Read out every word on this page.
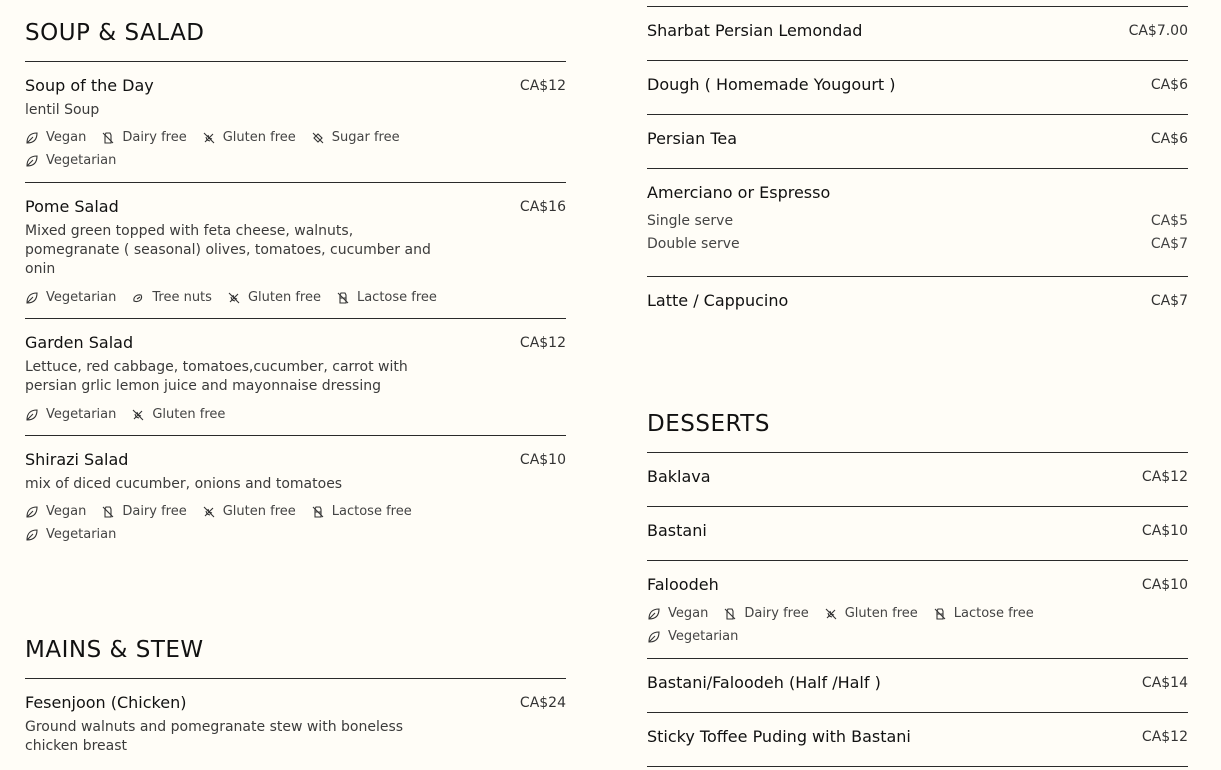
SOUP & SALAD
Soup of the Day	CA$12
lentil Soup
Vegan	Dairy free	Gluten free	Sugar free
Vegetarian
Pome Salad	CA$16
Mixed green topped with feta cheese, walnuts, pomegranate ( seasonal) olives, tomatoes, cucumber and onin
Vegetarian	Tree nuts	Gluten free	Lactose free
Garden Salad	CA$12
Lettuce, red cabbage, tomatoes,cucumber, carrot with persian grlic lemon juice and mayonnaise dressing
Vegetarian	Gluten free
Shirazi Salad	CA$10
mix of diced cucumber, onions and tomatoes
Vegan	Dairy free	Gluten free	Lactose free
Vegetarian
MAINS & STEW
Fesenjoon (Chicken)	CA$24
Ground walnuts and pomegranate stew with boneless chicken breast
Sharbat Persian Lemondad	CA$7.00
Dough ( Homemade Yougourt )	CA$6
Persian Tea	CA$6
Amerciano or Espresso
Single serve	CA$5
Double serve	CA$7
Latte / Cappucino	CA$7
DESSERTS
Baklava	CA$12
Bastani	CA$10
Faloodeh	CA$10
Vegan	Dairy free	Gluten free	Lactose free
Vegetarian
Bastani/Faloodeh (Half /Half )	CA$14
Sticky Toffee Puding with Bastani	CA$12
